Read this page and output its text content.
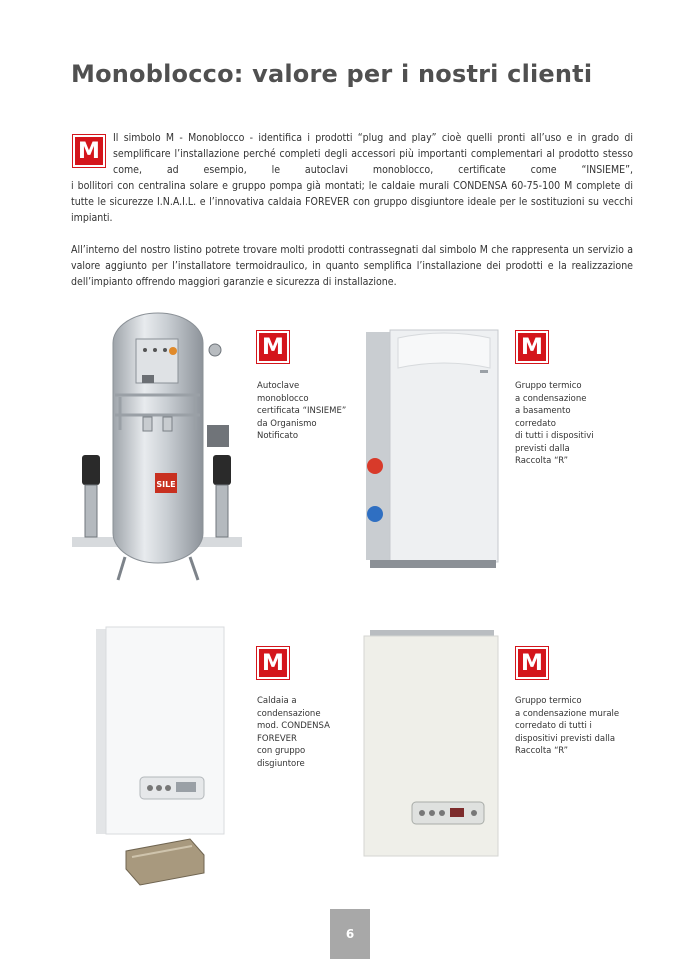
Monoblocco: valore per i nostri clienti
M

Il simbolo M - Monoblocco - identifica i prodotti “plug and play” cioè quelli pronti all’uso e in grado di semplificare l’installazione perché completi degli accessori più importanti complementari al prodotto stesso come, ad esempio, le autoclavi monoblocco, certificate come “INSIEME”,

i bollitori con centralina solare e gruppo pompa già montati; le caldaie murali CONDENSA 60-75-100 M complete di tutte le sicurezze I.N.A.I.L. e l’innovativa caldaia FOREVER con gruppo disgiuntore ideale per le sostituzioni su vecchi impianti.

All’interno del nostro listino potrete trovare molti prodotti contrassegnati dal simbolo M che rappresenta un servizio a valore aggiunto per l’installatore termoidraulico, in quanto semplifica l’installazione dei prodotti e la realizzazione dell’impianto offrendo maggiori garanzie e sicurezza di installazione.

SILE
M

Autoclave
monoblocco
certificata “INSIEME”
da Organismo
Notificato

M

Gruppo termico
a condensazione
a basamento
corredato
di tutti i dispositivi
previsti dalla
Raccolta “R”

M

Caldaia a
condensazione
mod. CONDENSA
FOREVER
con gruppo
disgiuntore

M

Gruppo termico
a condensazione murale
corredato di tutti i
dispositivi previsti dalla
Raccolta “R”

6
